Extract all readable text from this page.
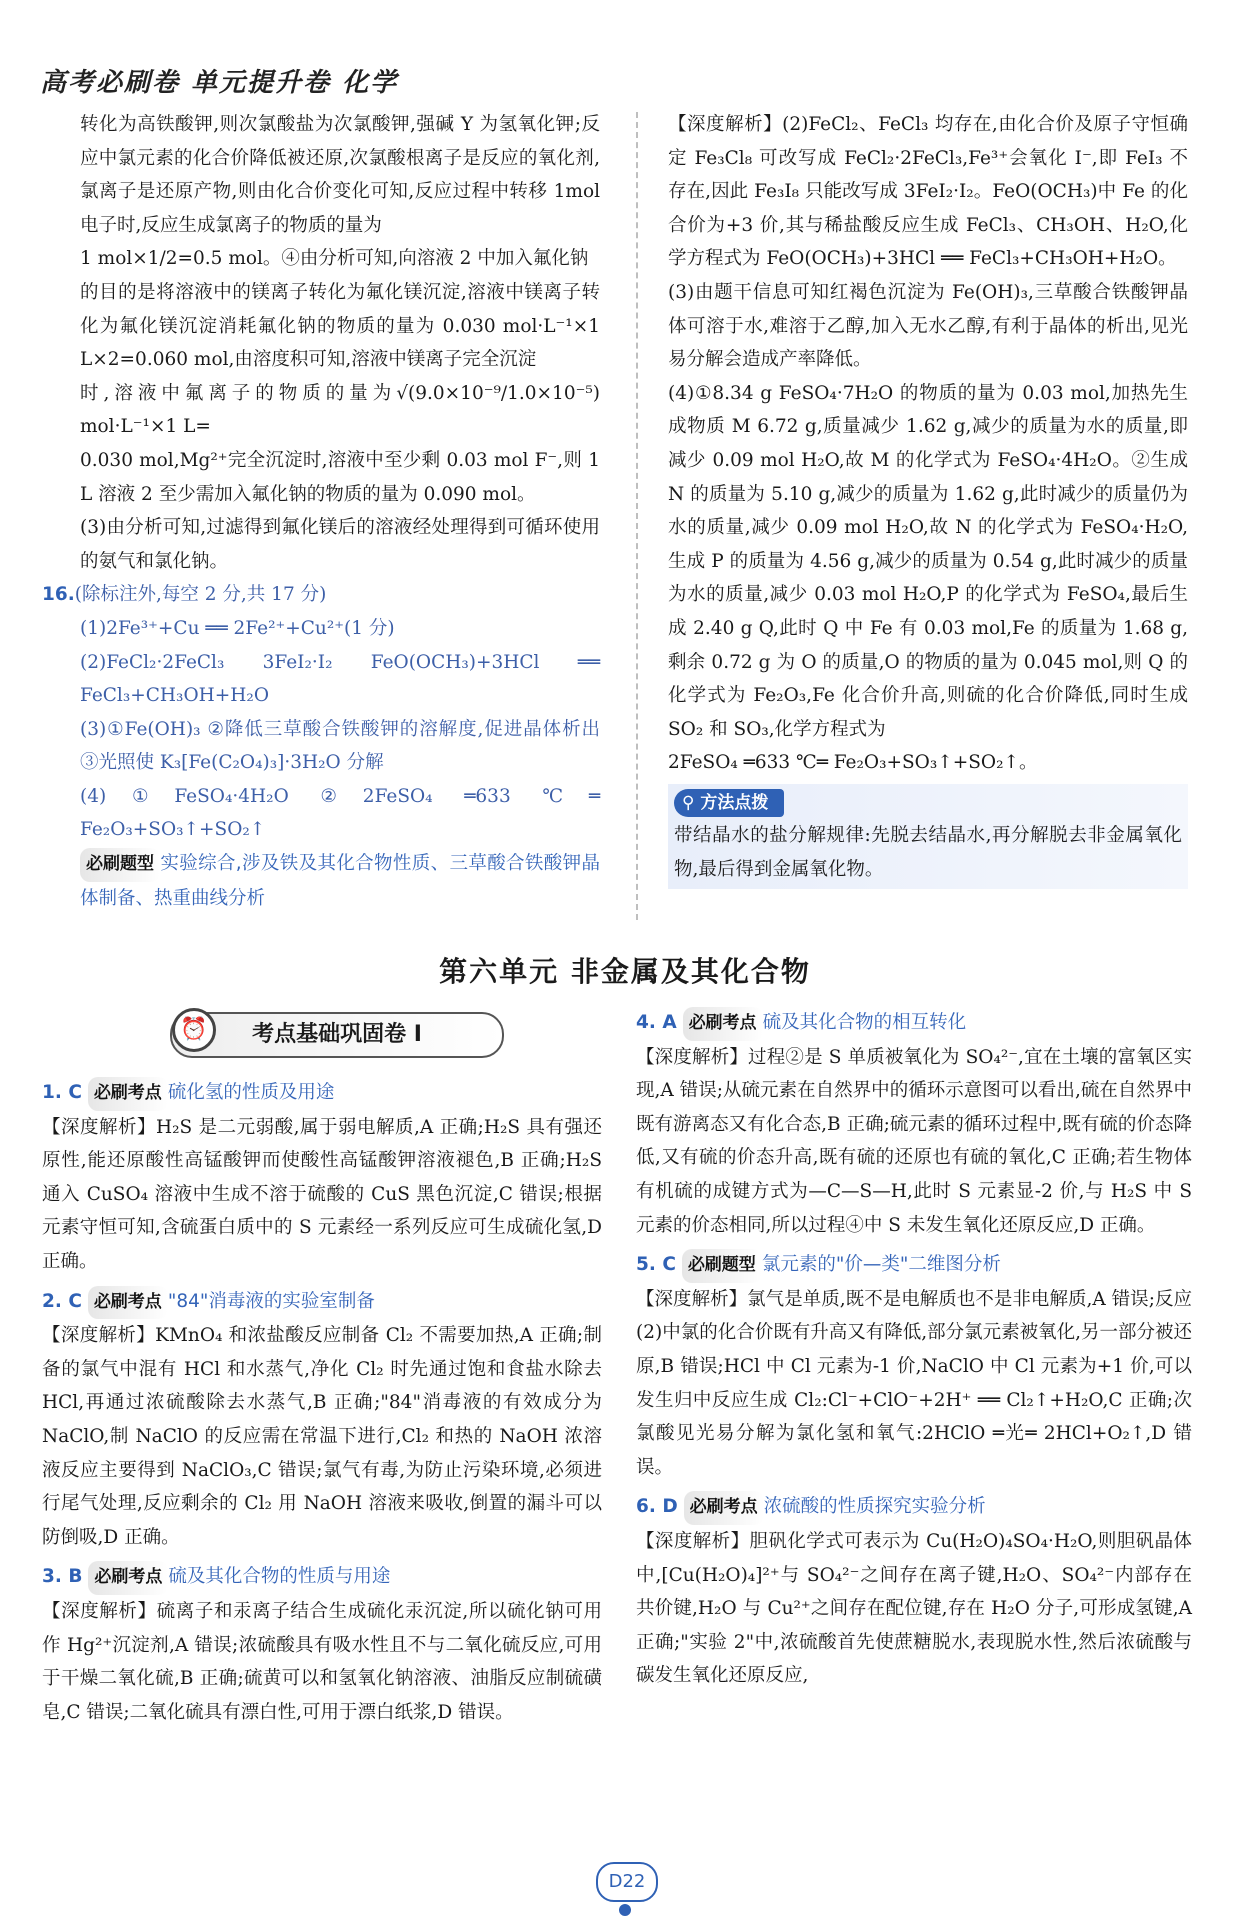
高考必刷卷 单元提升卷 化学

转化为高铁酸钾,则次氯酸盐为次氯酸钾,强碱 Y 为氢氧化钾;反应中氯元素的化合价降低被还原,次氯酸根离子是反应的氧化剂,氯离子是还原产物,则由化合价变化可知,反应过程中转移 1mol 电子时,反应生成氯离子的物质的量为

1 mol×1/2=0.5 mol。④由分析可知,向溶液 2 中加入氟化钠

的目的是将溶液中的镁离子转化为氟化镁沉淀,溶液中镁离子转化为氟化镁沉淀消耗氟化钠的物质的量为 0.030 mol·L⁻¹×1 L×2=0.060 mol,由溶度积可知,溶液中镁离子完全沉淀

时,溶液中氟离子的物质的量为√(9.0×10⁻⁹/1.0×10⁻⁵) mol·L⁻¹×1 L=

0.030 mol,Mg²⁺完全沉淀时,溶液中至少剩 0.03 mol F⁻,则 1 L 溶液 2 至少需加入氟化钠的物质的量为 0.090 mol。

(3)由分析可知,过滤得到氟化镁后的溶液经处理得到可循环使用的氨气和氯化钠。

16.(除标注外,每空 2 分,共 17 分)

(1)2Fe³⁺+Cu ══ 2Fe²⁺+Cu²⁺(1 分)

(2)FeCl₂·2FeCl₃ 3FeI₂·I₂ FeO(OCH₃)+3HCl ══ FeCl₃+CH₃OH+H₂O

(3)①Fe(OH)₃ ②降低三草酸合铁酸钾的溶解度,促进晶体析出 ③光照使 K₃[Fe(C₂O₄)₃]·3H₂O 分解

(4)①FeSO₄·4H₂O ②2FeSO₄ ═633 ℃═ Fe₂O₃+SO₃↑+SO₂↑

必刷题型 实验综合,涉及铁及其化合物性质、三草酸合铁酸钾晶体制备、热重曲线分析

【深度解析】(2)FeCl₂、FeCl₃ 均存在,由化合价及原子守恒确定 Fe₃Cl₈ 可改写成 FeCl₂·2FeCl₃,Fe³⁺会氧化 I⁻,即 FeI₃ 不存在,因此 Fe₃I₈ 只能改写成 3FeI₂·I₂。FeO(OCH₃)中 Fe 的化合价为+3 价,其与稀盐酸反应生成 FeCl₃、CH₃OH、H₂O,化学方程式为 FeO(OCH₃)+3HCl ══ FeCl₃+CH₃OH+H₂O。

(3)由题干信息可知红褐色沉淀为 Fe(OH)₃,三草酸合铁酸钾晶体可溶于水,难溶于乙醇,加入无水乙醇,有利于晶体的析出,见光易分解会造成产率降低。

(4)①8.34 g FeSO₄·7H₂O 的物质的量为 0.03 mol,加热先生成物质 M 6.72 g,质量减少 1.62 g,减少的质量为水的质量,即减少 0.09 mol H₂O,故 M 的化学式为 FeSO₄·4H₂O。②生成 N 的质量为 5.10 g,减少的质量为 1.62 g,此时减少的质量仍为水的质量,减少 0.09 mol H₂O,故 N 的化学式为 FeSO₄·H₂O,生成 P 的质量为 4.56 g,减少的质量为 0.54 g,此时减少的质量为水的质量,减少 0.03 mol H₂O,P 的化学式为 FeSO₄,最后生成 2.40 g Q,此时 Q 中 Fe 有 0.03 mol,Fe 的质量为 1.68 g,剩余 0.72 g 为 O 的质量,O 的物质的量为 0.045 mol,则 Q 的化学式为 Fe₂O₃,Fe 化合价升高,则硫的化合价降低,同时生成 SO₂ 和 SO₃,化学方程式为

2FeSO₄ ═633 ℃═ Fe₂O₃+SO₃↑+SO₂↑。

⚲ 方法点拨

带结晶水的盐分解规律:先脱去结晶水,再分解脱去非金属氧化物,最后得到金属氧化物。

第六单元 非金属及其化合物
考点基础巩固卷 Ⅰ
⏰

1. C 必刷考点 硫化氢的性质及用途

【深度解析】H₂S 是二元弱酸,属于弱电解质,A 正确;H₂S 具有强还原性,能还原酸性高锰酸钾而使酸性高锰酸钾溶液褪色,B 正确;H₂S 通入 CuSO₄ 溶液中生成不溶于硫酸的 CuS 黑色沉淀,C 错误;根据元素守恒可知,含硫蛋白质中的 S 元素经一系列反应可生成硫化氢,D 正确。

2. C 必刷考点 "84"消毒液的实验室制备

【深度解析】KMnO₄ 和浓盐酸反应制备 Cl₂ 不需要加热,A 正确;制备的氯气中混有 HCl 和水蒸气,净化 Cl₂ 时先通过饱和食盐水除去 HCl,再通过浓硫酸除去水蒸气,B 正确;"84"消毒液的有效成分为 NaClO,制 NaClO 的反应需在常温下进行,Cl₂ 和热的 NaOH 浓溶液反应主要得到 NaClO₃,C 错误;氯气有毒,为防止污染环境,必须进行尾气处理,反应剩余的 Cl₂ 用 NaOH 溶液来吸收,倒置的漏斗可以防倒吸,D 正确。

3. B 必刷考点 硫及其化合物的性质与用途

【深度解析】硫离子和汞离子结合生成硫化汞沉淀,所以硫化钠可用作 Hg²⁺沉淀剂,A 错误;浓硫酸具有吸水性且不与二氧化硫反应,可用于干燥二氧化硫,B 正确;硫黄可以和氢氧化钠溶液、油脂反应制硫磺皂,C 错误;二氧化硫具有漂白性,可用于漂白纸浆,D 错误。

4. A 必刷考点 硫及其化合物的相互转化

【深度解析】过程②是 S 单质被氧化为 SO₄²⁻,宜在土壤的富氧区实现,A 错误;从硫元素在自然界中的循环示意图可以看出,硫在自然界中既有游离态又有化合态,B 正确;硫元素的循环过程中,既有硫的价态降低,又有硫的价态升高,既有硫的还原也有硫的氧化,C 正确;若生物体有机硫的成键方式为—C—S—H,此时 S 元素显-2 价,与 H₂S 中 S 元素的价态相同,所以过程④中 S 未发生氧化还原反应,D 正确。

5. C 必刷题型 氯元素的"价—类"二维图分析

【深度解析】氯气是单质,既不是电解质也不是非电解质,A 错误;反应(2)中氯的化合价既有升高又有降低,部分氯元素被氧化,另一部分被还原,B 错误;HCl 中 Cl 元素为-1 价,NaClO 中 Cl 元素为+1 价,可以发生归中反应生成 Cl₂:Cl⁻+ClO⁻+2H⁺ ══ Cl₂↑+H₂O,C 正确;次氯酸见光易分解为氯化氢和氧气:2HClO ═光═ 2HCl+O₂↑,D 错误。

6. D 必刷考点 浓硫酸的性质探究实验分析

【深度解析】胆矾化学式可表示为 Cu(H₂O)₄SO₄·H₂O,则胆矾晶体中,[Cu(H₂O)₄]²⁺与 SO₄²⁻之间存在离子键,H₂O、SO₄²⁻内部存在共价键,H₂O 与 Cu²⁺之间存在配位键,存在 H₂O 分子,可形成氢键,A 正确;"实验 2"中,浓硫酸首先使蔗糖脱水,表现脱水性,然后浓硫酸与碳发生氧化还原反应,

D22
